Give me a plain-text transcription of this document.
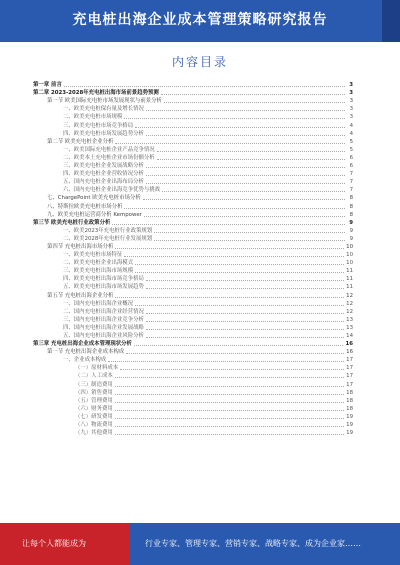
充电桩出海企业成本管理策略研究报告
内容目录
第一章 前言	3
第二章 2023-2028年充电桩出海市场前景趋势预测	3
第一节 欧美国际充电桩市场发展现状与前景分析	3
一、欧美充电桩保有量及增长情况	3
二、欧美充电桩市场规模	3
三、欧美充电桩市场竞争格局	4
四、欧美充电桩市场发展趋势分析	4
第二节 欧美充电桩企业分析	5
一、欧美国际充电桩企业产品竞争情况	5
二、欧美本土充电桩企业市场份额分析	6
三、欧美充电桩企业发展战略分析	6
四、欧美充电桩企业营收情况分析	7
五、国内充电桩企业出海布局分析	7
六、国内充电桩企业出海竞争优势与挑战	7
七、ChargePoint 欧美充电桩市场分析	8
八、特斯拉欧美充电桩市场分析	8
九、欧美充电桩运营商分析 Kempower	8
第三节 欧美充电桩行业政策分析	9
一、欧美2023年充电桩行业政策规划	9
二、欧美2028年充电桩行业发展规划	9
第四节 充电桩出海市场分析	10
一、欧美充电桩市场特征	10
二、欧美充电桩企业出海模式	10
三、欧美充电桩出海市场规模	11
四、欧美充电桩出海市场竞争格局	11
五、欧美充电桩出海市场发展趋势	11
第五节 充电桩出海企业分析	12
一、国内充电桩出海企业概况	12
二、国内充电桩出海企业经营情况	12
三、国内充电桩出海企业竞争分析	13
四、国内充电桩出海企业发展战略	13
五、国内充电桩出海企业风险分析	14
第三章 充电桩出海企业成本管理现状分析	16
第一节 充电桩出海企业成本构成	16
一、企业成本构成	17
（一）原材料成本	17
（二）人工成本	17
（三）制造费用	17
（四）销售费用	18
（五）管理费用	18
（六）财务费用	18
（七）研发费用	19
（八）物流费用	19
（九）其他费用	19
让每个人都能成为	行业专家、管理专家、营销专家、战略专家、成为企业家……
